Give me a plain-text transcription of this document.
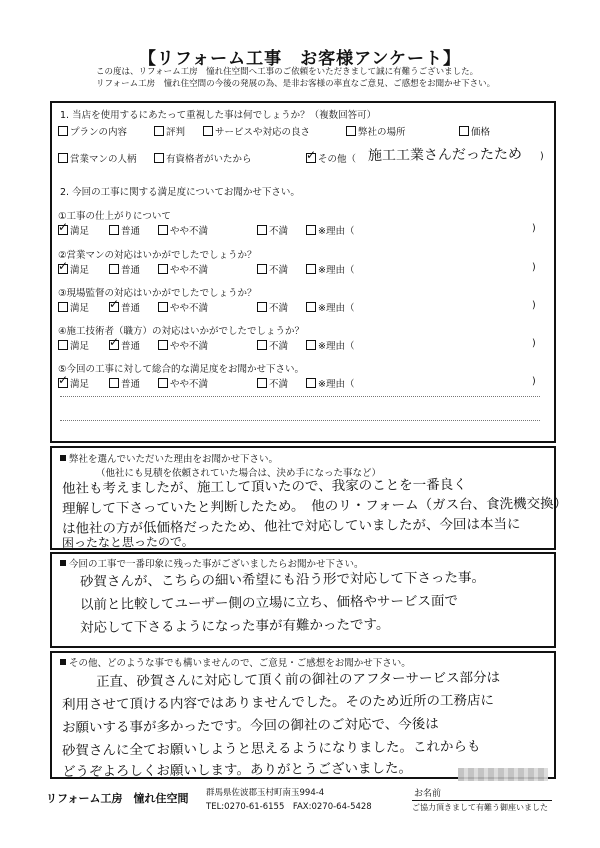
【リフォーム工事　お客様アンケート】
この度は、リフォーム工房　憧れ住空間へ工事のご依頼をいただきまして誠に有難うございました。
リフォーム工房　憧れ住空間の今後の発展の為、是非お客様の率直なご意見、ご感想をお聞かせ下さい。
1. 当店を使用するにあたって重視した事は何でしょうか？（複数回答可）
プランの内容	評判	サービスや対応の良さ	弊社の場所	価格
営業マンの人柄	有資格者がいたから ✓	その他（ 施工工業さんだったため )
2. 今回の工事に関する満足度についてお聞かせ下さい。
①工事の仕上がりについて
✓満足	普通	やや不満	不満	※理由（	)
②営業マンの対応はいかがでしたでしょうか？
✓満足	普通	やや不満	不満	※理由（	)
③現場監督の対応はいかがでしたでしょうか？
満足 ✓	普通	やや不満	不満	※理由（	)
④施工技術者（職方）の対応はいかがでしたでしょうか？
満足 ✓	普通	やや不満	不満	※理由（	)
⑤今回の工事に対して総合的な満足度をお聞かせ下さい。
✓満足	普通	やや不満	不満	※理由（	)
弊社を選んでいただいた理由をお聞かせ下さい。
（他社にも見積を依頼されていた場合は、決め手になった事など）
他社も考えましたが、施工して頂いたので、我家のことを一番良く
理解して下さっていたと判断したため。　他のリ・フォーム（ガス台、食洗機交換）
は他社の方が低価格だったため、他社で対応していましたが、今回は本当に
困ったなと思ったので。
今回の工事で一番印象に残った事がございましたらお聞かせ下さい。
砂賀さんが、こちらの細い希望にも沿う形で対応して下さった事。
以前と比較してユーザー側の立場に立ち、価格やサービス面で
対応して下さるようになった事が有難かったです。
その他、どのような事でも構いませんので、ご意見・ご感想をお聞かせ下さい。
正直、砂賀さんに対応して頂く前の御社のアフターサービス部分は
利用させて頂ける内容ではありませんでした。そのため近所の工務店に
お願いする事が多かったです。今回の御社のご対応で、今後は
砂賀さんに全てお願いしようと思えるようになりました。これからも
どうぞよろしくお願いします。ありがとうございました。
リフォーム工房　憧れ住空間 群馬県佐波郡玉村町南玉994-4
TEL:0270-61-6155　FAX:0270-64-5428
お名前
ご協力頂きまして有難う御座いました
